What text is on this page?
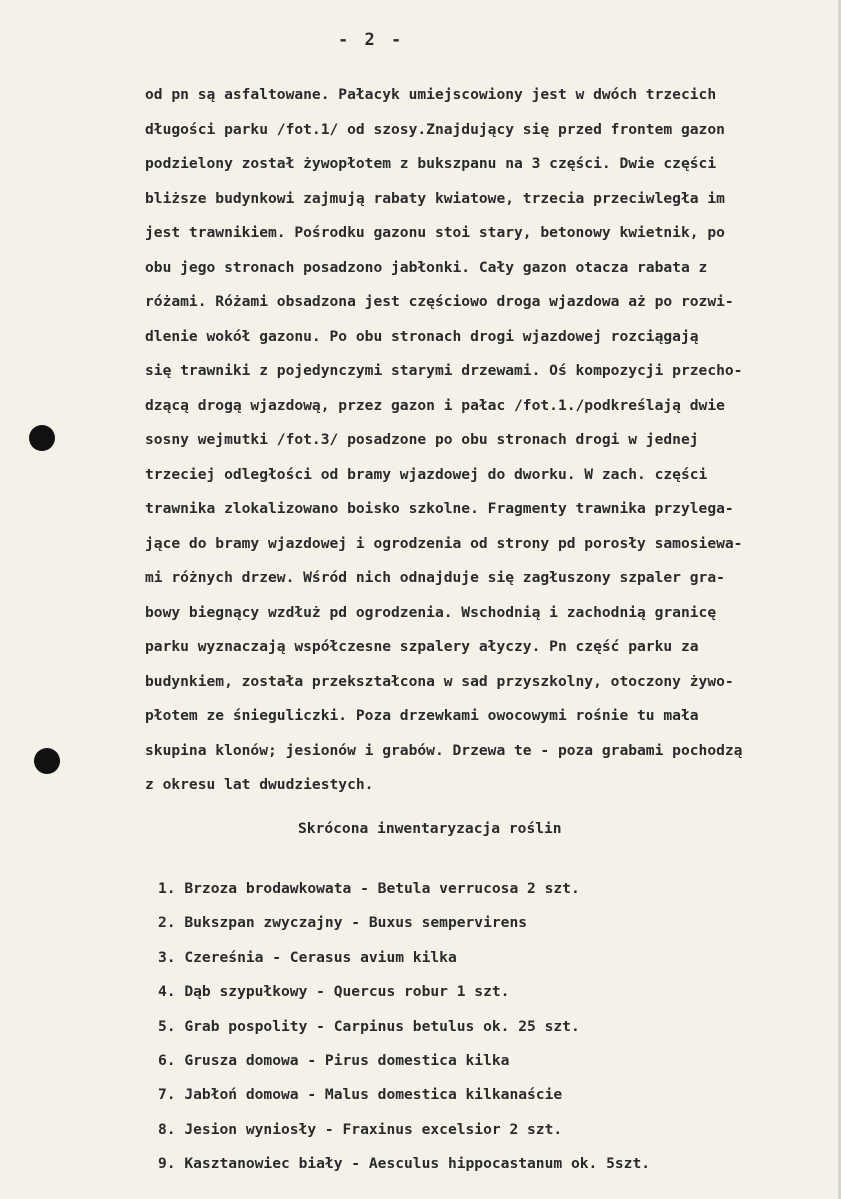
- 2 -
od pn są asfaltowane. Pałacyk umiejscowiony jest w dwóch trzecich
długości parku /fot.1/ od szosy.Znajdujący się przed frontem gazon
podzielony został żywopłotem z bukszpanu na 3 części. Dwie części
bliższe budynkowi zajmują rabaty kwiatowe, trzecia przeciwległa im
jest trawnikiem. Pośrodku gazonu stoi stary, betonowy kwietnik, po
obu jego stronach posadzono jabłonki. Cały gazon otacza rabata z
różami. Różami obsadzona jest częściowo droga wjazdowa aż po rozwi-
dlenie wokół gazonu. Po obu stronach drogi wjazdowej rozciągają
się trawniki z pojedynczymi starymi drzewami. Oś kompozycji przecho-
dzącą drogą wjazdową, przez gazon i pałac /fot.1./podkreślają dwie
sosny wejmutki /fot.3/ posadzone po obu stronach drogi w jednej
trzeciej odległości od bramy wjazdowej do dworku. W zach. części
trawnika zlokalizowano boisko szkolne. Fragmenty trawnika przylega-
jące do bramy wjazdowej i ogrodzenia od strony pd porosły samosiewa-
mi różnych drzew. Wśród nich odnajduje się zagłuszony szpaler gra-
bowy biegnący wzdłuż pd ogrodzenia. Wschodnią i zachodnią granicę
parku wyznaczają współczesne szpalery ałyczy. Pn część parku za
budynkiem, została przekształcona w sad przyszkolny, otoczony żywo-
płotem ze śnieguliczki. Poza drzewkami owocowymi rośnie tu mała
skupina klonów; jesionów i grabów. Drzewa te - poza grabami pochodzą
z okresu lat dwudziestych.
Skrócona inwentaryzacja roślin
1. Brzoza brodawkowata - Betula verrucosa 2 szt.
2. Bukszpan zwyczajny - Buxus sempervirens
3. Czereśnia - Cerasus avium kilka
4. Dąb szypułkowy - Quercus robur 1 szt.
5. Grab pospolity - Carpinus betulus ok. 25 szt.
6. Grusza domowa - Pirus domestica kilka
7. Jabłoń domowa - Malus domestica kilkanaście
8. Jesion wyniosły - Fraxinus excelsior 2 szt.
9. Kasztanowiec biały - Aesculus hippocastanum ok. 5szt.
